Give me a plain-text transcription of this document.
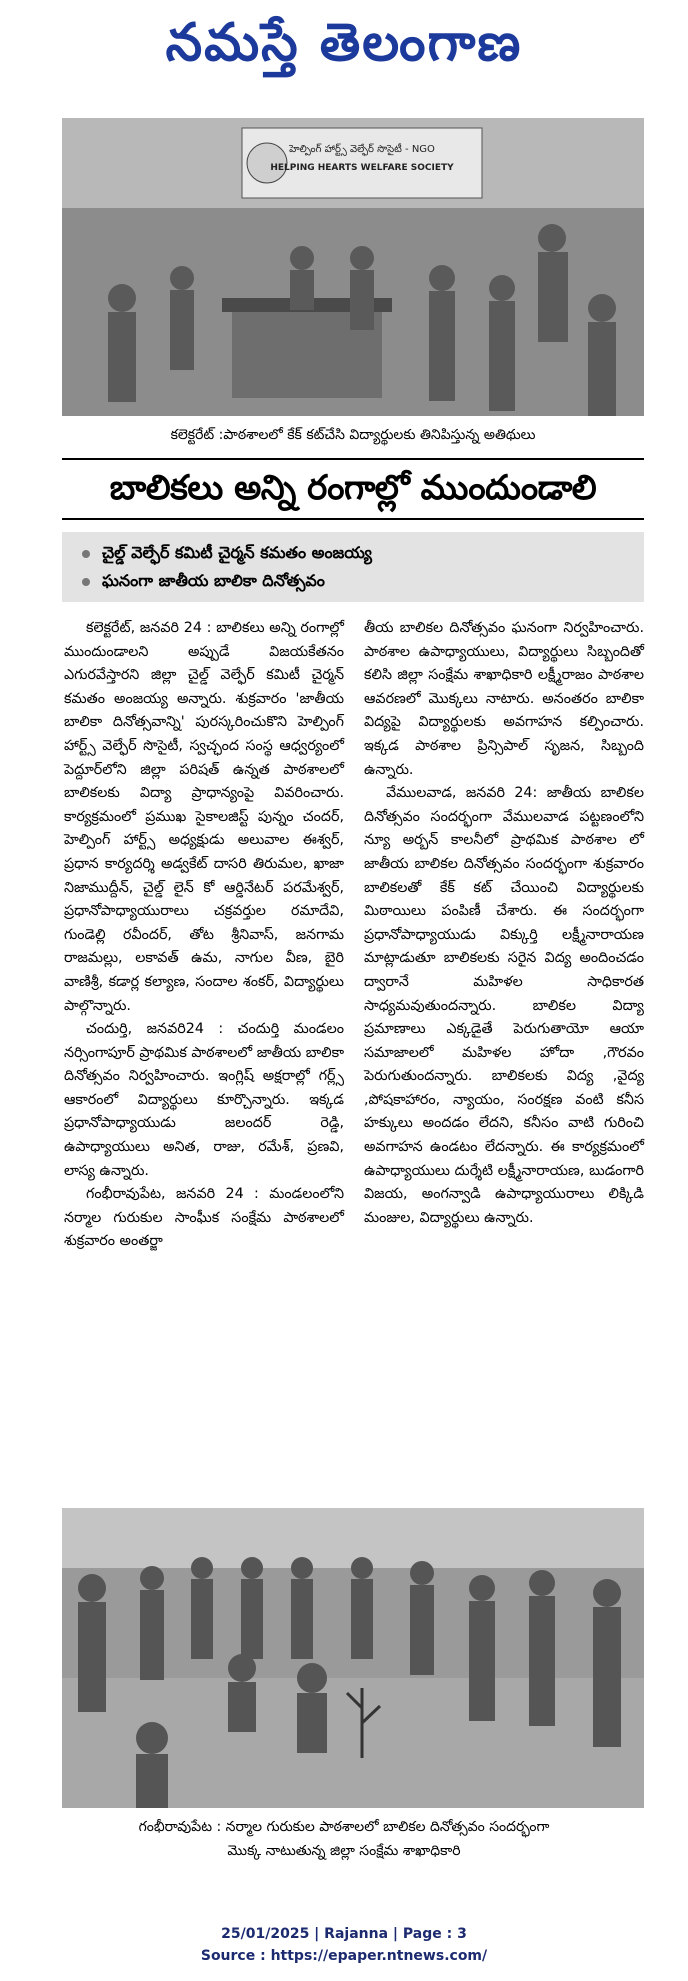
నమస్తే తెలంగాణ
హెల్పింగ్ హార్ట్స్ వెల్ఫేర్ సొసైటీ - NGO
HELPING HEARTS WELFARE SOCIETY
కలెక్టరేట్ :పాఠశాలలో కేక్ కట్‌చేసి విద్యార్థులకు తినిపిస్తున్న అతిథులు
బాలికలు అన్ని రంగాల్లో ముందుండాలి
చైల్డ్ వెల్ఫేర్ కమిటీ చైర్మన్ కమతం అంజయ్య
ఘనంగా జాతీయ బాలికా దినోత్సవం

కలెక్టరేట్, జనవరి 24 : బాలికలు అన్ని రంగాల్లో ముందుండాలని అప్పుడే విజయకేతనం ఎగురవేస్తారని జిల్లా చైల్డ్ వెల్ఫేర్ కమిటీ చైర్మన్ కమతం అంజయ్య అన్నారు. శుక్రవారం 'జాతీయ బాలికా దినోత్సవాన్ని' పురస్కరించుకొని హెల్పింగ్ హార్ట్స్ వెల్ఫేర్ సొసైటీ, స్వచ్ఛంద సంస్థ ఆధ్వర్యంలో పెద్దూర్‌లోని జిల్లా పరిషత్ ఉన్నత పాఠశాలలో బాలికలకు విద్యా ప్రాధాన్యంపై వివరించారు. కార్యక్రమంలో ప్రముఖ సైకాలజిస్ట్ పున్నం చందర్, హెల్పింగ్ హార్ట్స్ అధ్యక్షుడు అలువాల ఈశ్వర్, ప్రధాన కార్యదర్శి అడ్వకేట్ దాసరి తిరుమల, ఖాజా నిజాముద్దీన్, చైల్డ్ లైన్ కో ఆర్డినేటర్ పరమేశ్వర్, ప్రధానోపాధ్యాయురాలు చక్రవర్తుల రమాదేవి, గుండెల్లి రవీందర్, తోట శ్రీనివాస్, జనగామ రాజమల్లు, లకావత్ ఉమ, నాగుల వీణ, బైరి వాణిశ్రీ, కడార్ల కల్యాణ, సందాల శంకర్, విద్యార్థులు పాల్గొన్నారు.

చందుర్తి, జనవరి24 : చందుర్తి మండలం నర్సింగాపూర్ ప్రాథమిక పాఠశాలలో జాతీయ బాలికా దినోత్సవం నిర్వహించారు. ఇంగ్లిష్ అక్షరాల్లో గర్ల్స్ ఆకారంలో విద్యార్థులు కూర్చొన్నారు. ఇక్కడ ప్రధానోపాధ్యాయుడు జలందర్ రెడ్డి, ఉపాధ్యాయులు అనిత, రాజు, రమేశ్, ప్రణవి, లాస్య ఉన్నారు.

గంభీరావుపేట, జనవరి 24 : మండలంలోని నర్మాల గురుకుల సాంఘీక సంక్షేమ పాఠశాలలో శుక్రవారం అంతర్జా

తీయ బాలికల దినోత్సవం ఘనంగా నిర్వహించారు. పాఠశాల ఉపాధ్యాయులు, విద్యార్థులు సిబ్బందితో కలిసి జిల్లా సంక్షేమ శాఖాధికారి లక్ష్మీరాజం పాఠశాల ఆవరణలో మొక్కలు నాటారు. అనంతరం బాలికా విద్యపై విద్యార్థులకు అవగాహన కల్పించారు. ఇక్కడ పాఠశాల ప్రిన్సిపాల్ సృజన, సిబ్బంది ఉన్నారు.

వేములవాడ, జనవరి 24: జాతీయ బాలికల దినోత్సవం సందర్భంగా వేములవాడ పట్టణంలోని న్యూ అర్బన్ కాలనీలో ప్రాథమిక పాఠశాల లో జాతీయ బాలికల దినోత్సవం సందర్భంగా శుక్రవారం బాలికలతో కేక్ కట్ చేయించి విద్యార్థులకు మిఠాయిలు పంపిణీ చేశారు. ఈ సందర్భంగా ప్రధానోపాధ్యాయుడు విక్కుర్తి లక్ష్మీనారాయణ మాట్లాడుతూ బాలికలకు సరైన విద్య అందించడం ద్వారానే మహిళల సాధికారత సాధ్యమవుతుందన్నారు. బాలికల విద్యా ప్రమాణాలు ఎక్కడైతే పెరుగుతాయో ఆయా సమాజాలలో మహిళల హోదా ,గౌరవం పెరుగుతుందన్నారు. బాలికలకు విద్య ,వైద్య ,పోషకాహారం, న్యాయం, సంరక్షణ వంటి కనీస హక్కులు అందడం లేదని, కనీసం వాటి గురించి అవగాహన ఉండటం లేదన్నారు. ఈ కార్యక్రమంలో ఉపాధ్యాయులు దుర్శేటి లక్ష్మీనారాయణ, బుడంగారి విజయ, అంగన్వాడి ఉపాధ్యాయురాలు లిక్కిడి మంజుల, విద్యార్థులు ఉన్నారు.

గంభీరావుపేట : నర్మాల గురుకుల పాఠశాలలో బాలికల దినోత్సవం సందర్భంగా
మొక్క నాటుతున్న జిల్లా సంక్షేమ శాఖాధికారి
25/01/2025 | Rajanna | Page : 3
Source : https://epaper.ntnews.com/
